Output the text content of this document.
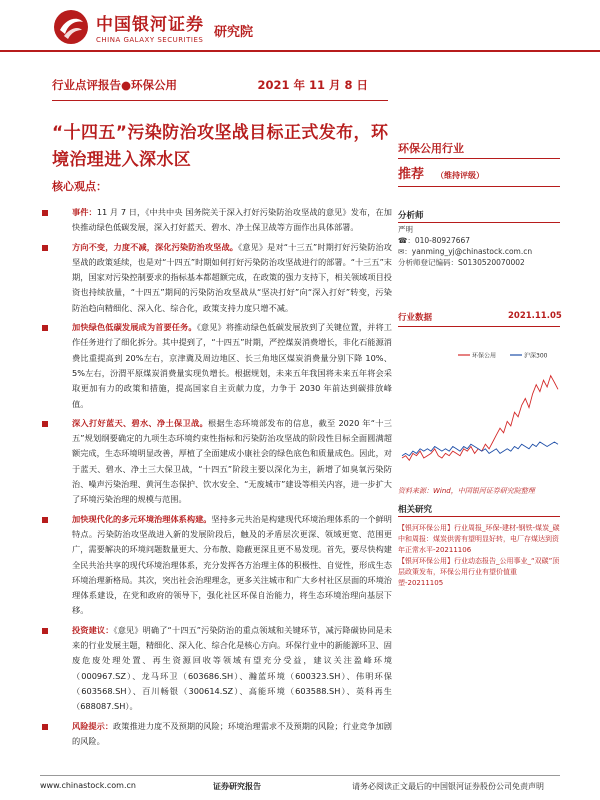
中国银河证券
CHINA GALAXY SECURITIES
研究院
行业点评报告●环保公用	2021 年 11 月 8 日
“十四五”污染防治攻坚战目标正式发布，环境治理进入深水区
核心观点：
事件：11 月 7 日，《中共中央 国务院关于深入打好污染防治攻坚战的意见》发布，在加快推动绿色低碳发展，深入打好蓝天、碧水、净土保卫战等方面作出具体部署。
方向不变，力度不减，深化污染防治攻坚战。《意见》是对“十三五”时期打好污染防治攻坚战的政策延续，也是对“十四五”时期如何打好污染防治攻坚战进行的部署。“十三五”末期，国家对污染控制要求的指标基本都超额完成，在政策的强力支持下，相关领域项目投资也持续放量，“十四五”期间的污染防治攻坚战从“坚决打好”向“深入打好”转变，污染防治趋向精细化、深入化、综合化，政策支持力度只增不减。
加快绿色低碳发展成为首要任务。《意见》将推动绿色低碳发展放到了关键位置，并将工作任务进行了细化拆分。其中提到了，“十四五”时期，严控煤炭消费增长，非化石能源消费比重提高到 20%左右，京津冀及周边地区、长三角地区煤炭消费量分别下降 10%、5%左右，汾渭平原煤炭消费量实现负增长。根据规划，未来五年我国将未来五年将会采取更加有力的政策和措施，提高国家自主贡献力度，力争于 2030 年前达到碳排放峰值。
深入打好蓝天、碧水、净土保卫战。根据生态环境部发布的信息，截至 2020 年“十三五”规划纲要确定的九项生态环境约束性指标和污染防治攻坚战的阶段性目标全面圆满超额完成，生态环境明显改善，厚植了全面建成小康社会的绿色底色和质量成色。因此，对于蓝天、碧水、净土三大保卫战，“十四五”阶段主要以深化为主，新增了如臭氧污染防治、噪声污染治理、黄河生态保护、饮水安全、“无废城市”建设等相关内容，进一步扩大了环境污染治理的规模与范围。
加快现代化的多元环境治理体系构建。坚持多元共治是构建现代环境治理体系的一个鲜明特点。污染防治攻坚战进入新的发展阶段后，触及的矛盾层次更深、领域更宽、范围更广，需要解决的环境问题数量更大、分布散、隐蔽更深且更不易发现。首先，要尽快构建全民共治共享的现代环境治理体系，充分发挥各方治理主体的积极性、自觉性，形成生态环境治理新格局。其次，突出社会治理理念，更多关注城市和广大乡村社区层面的环境治理体系建设，在党和政府的领导下，强化社区环保自治能力，将生态环境治理向基层下移。
投资建议：《意见》明确了“十四五”污染防治的重点领域和关键环节，减污降碳协同是未来的行业发展主题，精细化、深入化、综合化是核心方向。环保行业中的新能源环卫、固废危废处理处置、再生资源回收等领域有望充分受益，建议关注盈峰环境（000967.SZ）、龙马环卫（603686.SH）、瀚蓝环境（600323.SH）、伟明环保（603568.SH）、百川畅银（300614.SZ）、高能环境（603588.SH）、英科再生（688087.SH）。
风险提示：政策推进力度不及预期的风险；环境治理需求不及预期的风险；行业竞争加剧的风险。
环保公用行业
推荐 （维持评级）
分析师
严明
☎：010-80927667
✉：yanming_yj@chinastock.com.cn
分析师登记编码：S0130520070002
行业数据	2021.11.05
环保公用	沪深300
资料来源：Wind，中国银河证券研究院整理
相关研究
【银河环保公用】行业周报_环保-建材-钢铁-煤炭_碳中和周报：煤炭供需有望明显好转，电厂存煤达到资年正常水平-20211106
【银河环保公用】行业动态报告_公用事业_“双碳”顶层政策发布，环保公用行业有望价值重塑-20211105
www.chinastock.com.cn	证券研究报告	请务必阅读正文最后的中国银河证券股份公司免责声明
